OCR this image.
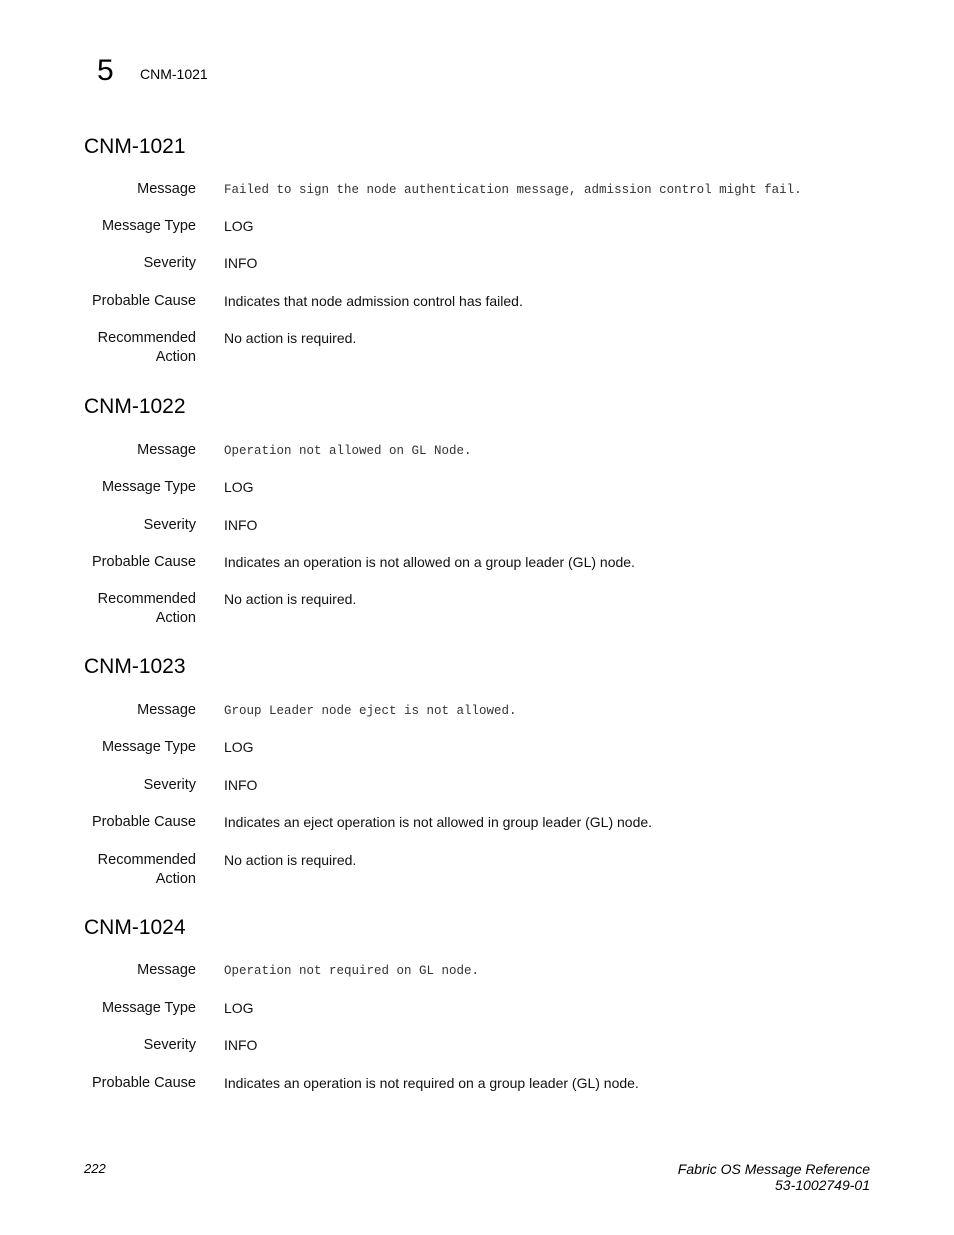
5 CNM-1021
CNM-1021
Message Failed to sign the node authentication message, admission control might fail.
Message Type LOG
Severity INFO
Probable Cause Indicates that node admission control has failed.
Recommended
Action
No action is required.
CNM-1022
Message Operation not allowed on GL Node.
Message Type LOG
Severity INFO
Probable Cause Indicates an operation is not allowed on a group leader (GL) node.
Recommended
Action
No action is required.
CNM-1023
Message Group Leader node eject is not allowed.
Message Type LOG
Severity INFO
Probable Cause Indicates an eject operation is not allowed in group leader (GL) node.
Recommended
Action
No action is required.
CNM-1024
Message Operation not required on GL node.
Message Type LOG
Severity INFO
Probable Cause Indicates an operation is not required on a group leader (GL) node.
222	Fabric OS Message Reference
53-1002749-01
